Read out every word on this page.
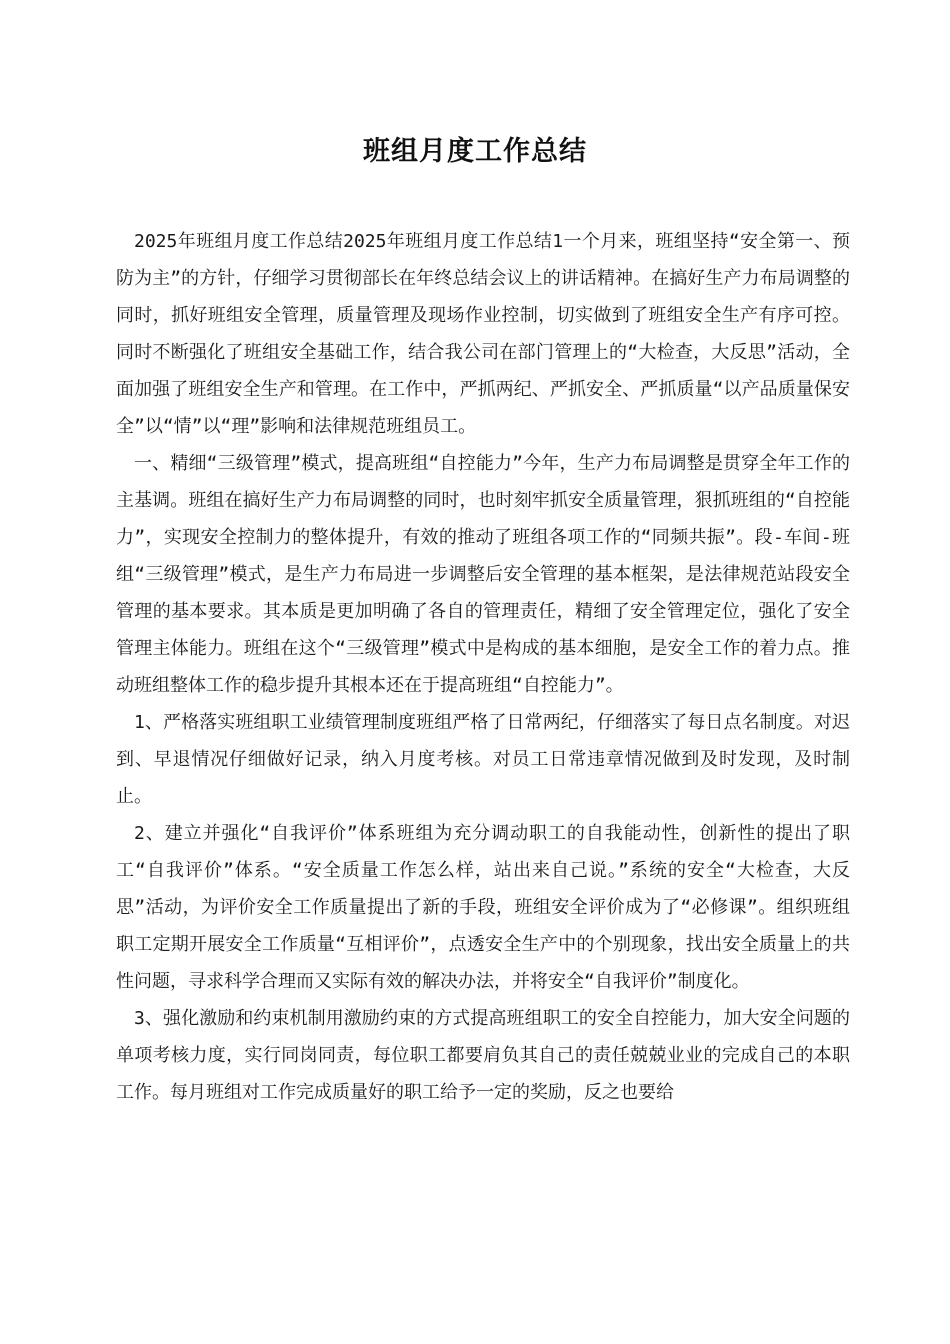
班组月度工作总结

2025年班组月度工作总结2025年班组月度工作总结1一个月来，班组坚持“安全第一、预防为主”的方针，仔细学习贯彻部长在年终总结会议上的讲话精神。在搞好生产力布局调整的同时，抓好班组安全管理，质量管理及现场作业控制，切实做到了班组安全生产有序可控。同时不断强化了班组安全基础工作，结合我公司在部门管理上的“大检查，大反思”活动，全面加强了班组安全生产和管理。在工作中，严抓两纪、严抓安全、严抓质量“以产品质量保安全”以“情”以“理”影响和法律规范班组员工。

一、精细“三级管理”模式，提高班组“自控能力”今年，生产力布局调整是贯穿全年工作的主基调。班组在搞好生产力布局调整的同时，也时刻牢抓安全质量管理，狠抓班组的“自控能力”，实现安全控制力的整体提升，有效的推动了班组各项工作的“同频共振”。段-车间-班组“三级管理”模式，是生产力布局进一步调整后安全管理的基本框架，是法律规范站段安全管理的基本要求。其本质是更加明确了各自的管理责任，精细了安全管理定位，强化了安全管理主体能力。班组在这个“三级管理”模式中是构成的基本细胞，是安全工作的着力点。推动班组整体工作的稳步提升其根本还在于提高班组“自控能力”。

1、严格落实班组职工业绩管理制度班组严格了日常两纪，仔细落实了每日点名制度。对迟到、早退情况仔细做好记录，纳入月度考核。对员工日常违章情况做到及时发现，及时制止。

2、建立并强化“自我评价”体系班组为充分调动职工的自我能动性，创新性的提出了职工“自我评价”体系。“安全质量工作怎么样，站出来自己说。”系统的安全“大检查，大反思”活动，为评价安全工作质量提出了新的手段，班组安全评价成为了“必修课”。组织班组职工定期开展安全工作质量“互相评价”，点透安全生产中的个别现象，找出安全质量上的共性问题，寻求科学合理而又实际有效的解决办法，并将安全“自我评价”制度化。

3、强化激励和约束机制用激励约束的方式提高班组职工的安全自控能力，加大安全问题的单项考核力度，实行同岗同责，每位职工都要肩负其自己的责任兢兢业业的完成自己的本职工作。每月班组对工作完成质量好的职工给予一定的奖励，反之也要给
